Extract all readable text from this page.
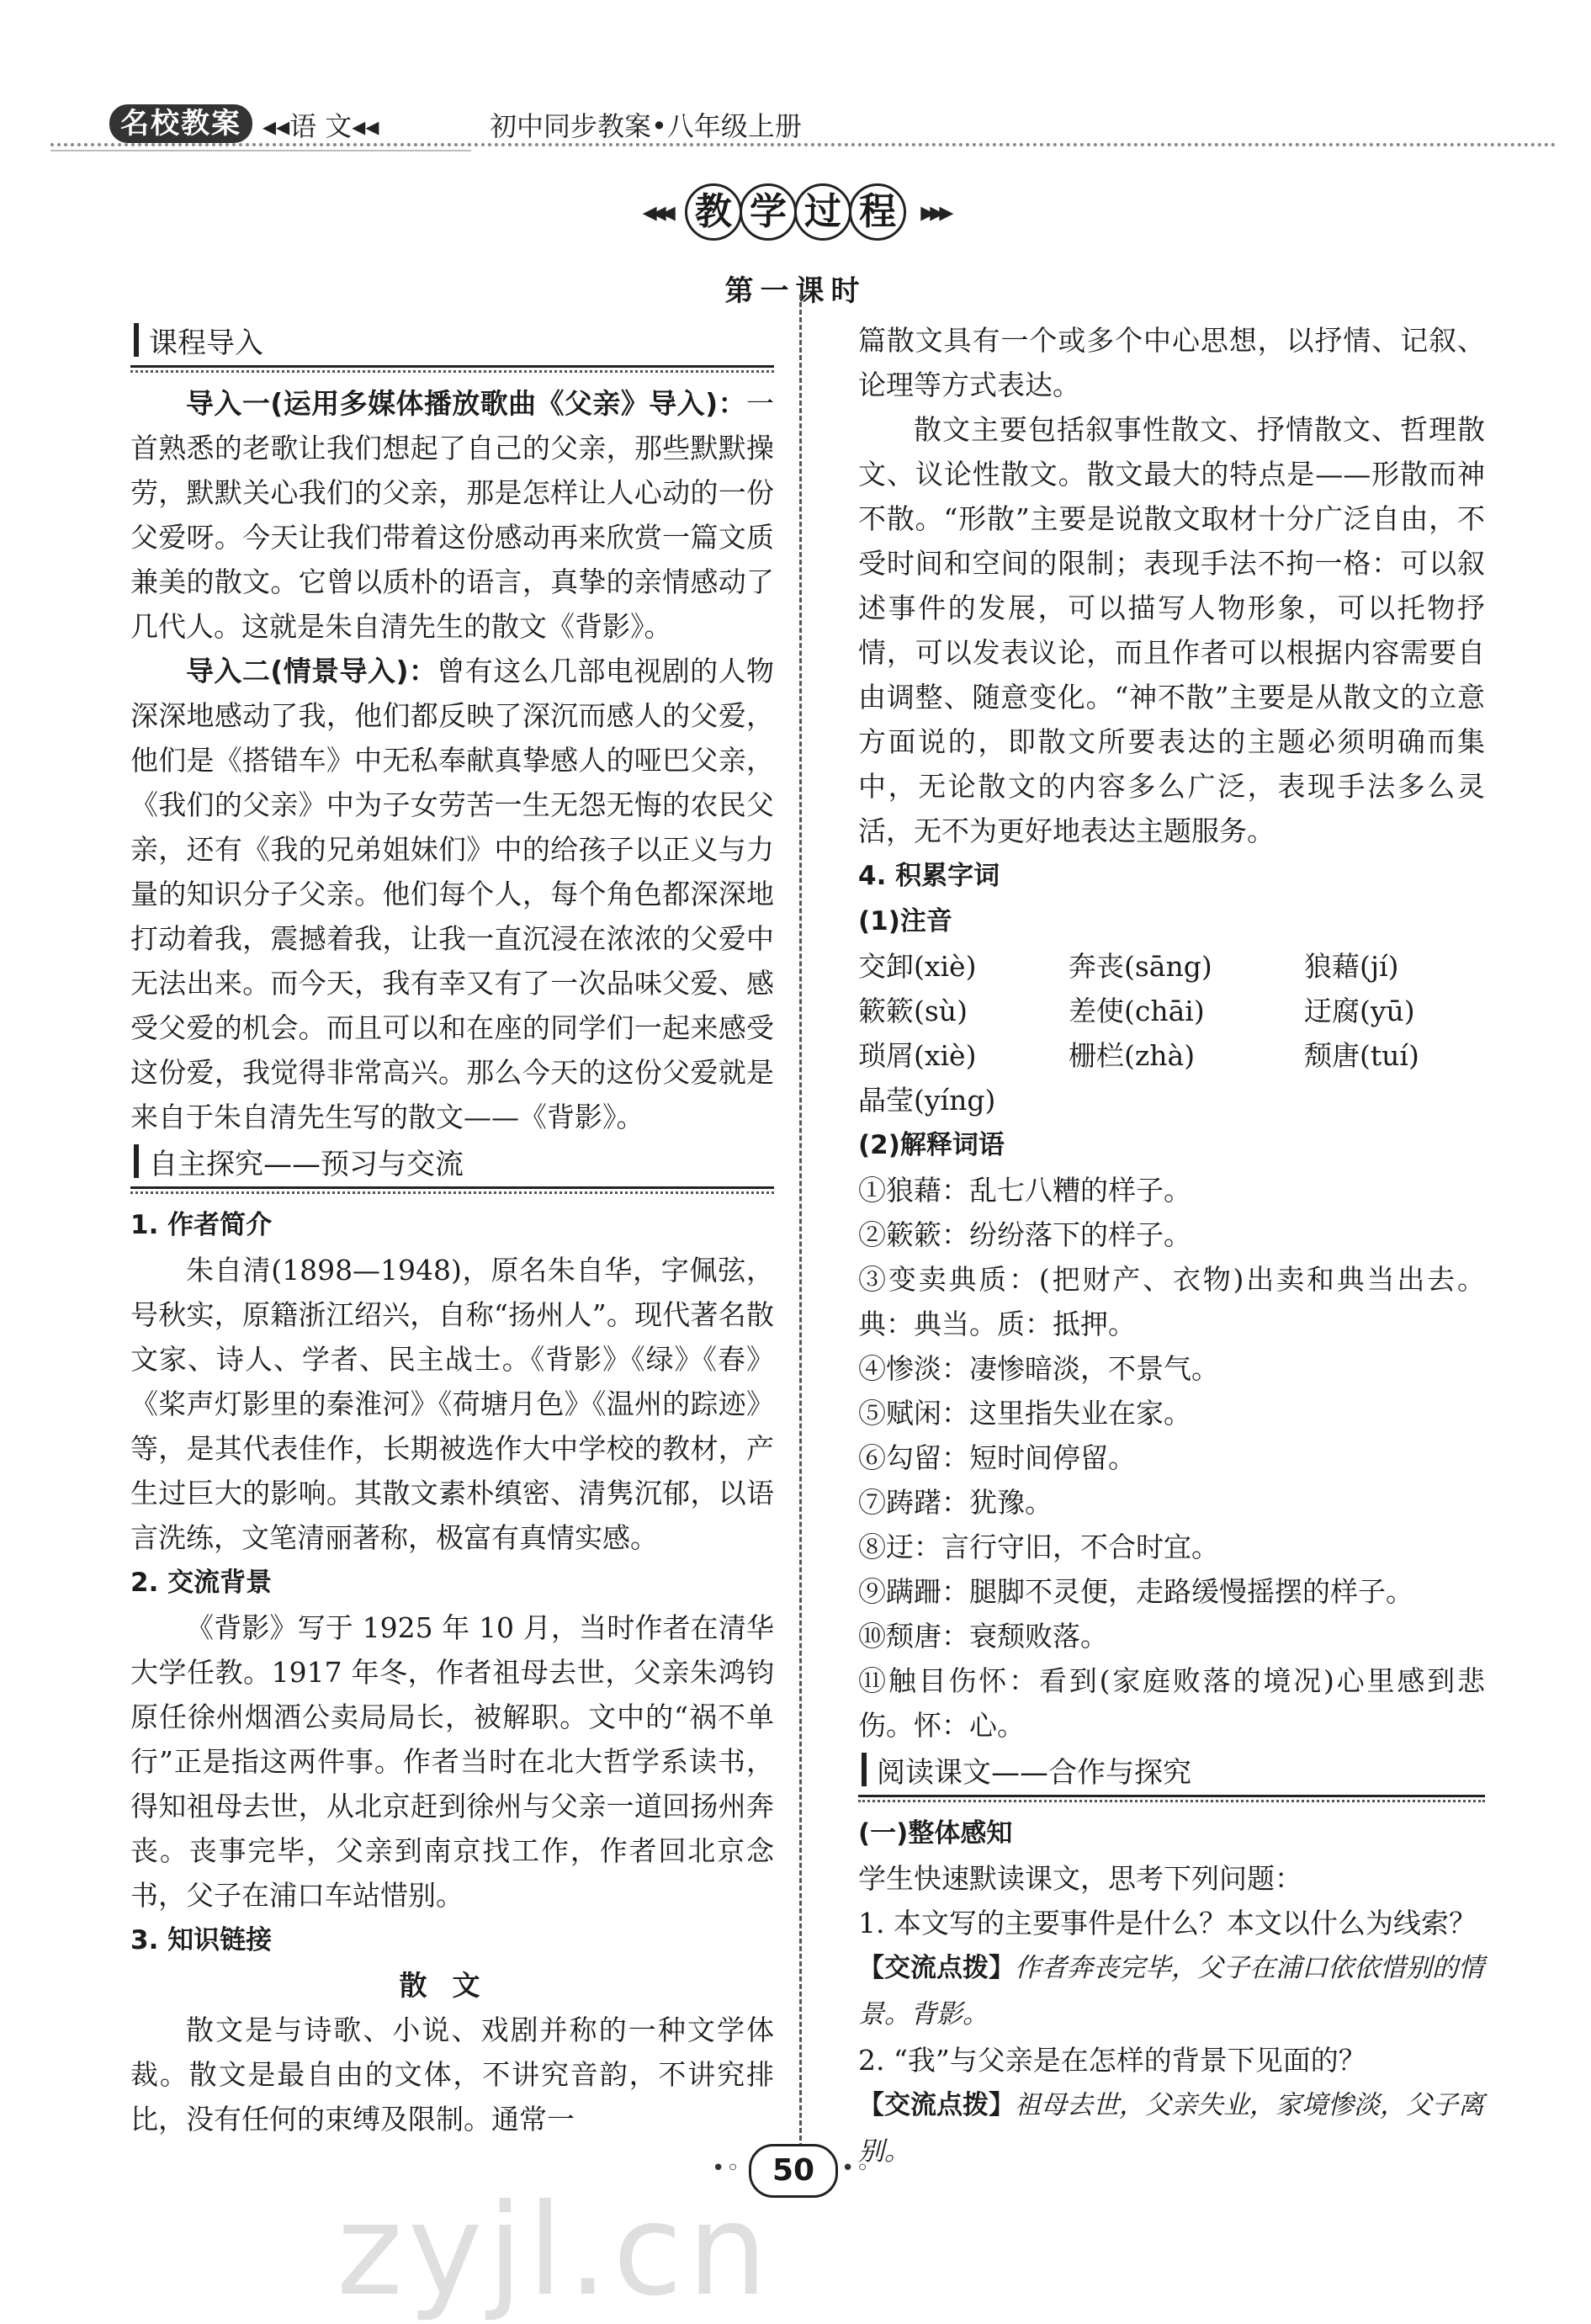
名校教案 ◂◂语 文◂◂	初中同步教案•八年级上册
◂◂◂ 教 学 过 程 ▸▸▸
第一课时
课程导入

导入一(运用多媒体播放歌曲《父亲》导入)：一首熟悉的老歌让我们想起了自己的父亲，那些默默操劳，默默关心我们的父亲，那是怎样让人心动的一份父爱呀。今天让我们带着这份感动再来欣赏一篇文质兼美的散文。它曾以质朴的语言，真挚的亲情感动了几代人。这就是朱自清先生的散文《背影》。

导入二(情景导入)：曾有这么几部电视剧的人物深深地感动了我，他们都反映了深沉而感人的父爱，他们是《搭错车》中无私奉献真挚感人的哑巴父亲，《我们的父亲》中为子女劳苦一生无怨无悔的农民父亲，还有《我的兄弟姐妹们》中的给孩子以正义与力量的知识分子父亲。他们每个人，每个角色都深深地打动着我，震撼着我，让我一直沉浸在浓浓的父爱中无法出来。而今天，我有幸又有了一次品味父爱、感受父爱的机会。而且可以和在座的同学们一起来感受这份爱，我觉得非常高兴。那么今天的这份父爱就是来自于朱自清先生写的散文——《背影》。

自主探究——预习与交流

1. 作者简介

朱自清(1898—1948)，原名朱自华，字佩弦，号秋实，原籍浙江绍兴，自称“扬州人”。现代著名散文家、诗人、学者、民主战士。《背影》《绿》《春》《桨声灯影里的秦淮河》《荷塘月色》《温州的踪迹》等，是其代表佳作，长期被选作大中学校的教材，产生过巨大的影响。其散文素朴缜密、清隽沉郁，以语言洗练，文笔清丽著称，极富有真情实感。

2. 交流背景

《背影》写于 1925 年 10 月，当时作者在清华大学任教。1917 年冬，作者祖母去世，父亲朱鸿钧原任徐州烟酒公卖局局长，被解职。文中的“祸不单行”正是指这两件事。作者当时在北大哲学系读书，得知祖母去世，从北京赶到徐州与父亲一道回扬州奔丧。丧事完毕，父亲到南京找工作，作者回北京念书，父子在浦口车站惜别。

3. 知识链接

散文

散文是与诗歌、小说、戏剧并称的一种文学体裁。散文是最自由的文体，不讲究音韵，不讲究排比，没有任何的束缚及限制。通常一

篇散文具有一个或多个中心思想，以抒情、记叙、论理等方式表达。

散文主要包括叙事性散文、抒情散文、哲理散文、议论性散文。散文最大的特点是——形散而神不散。“形散”主要是说散文取材十分广泛自由，不受时间和空间的限制；表现手法不拘一格：可以叙述事件的发展，可以描写人物形象，可以托物抒情，可以发表议论，而且作者可以根据内容需要自由调整、随意变化。“神不散”主要是从散文的立意方面说的，即散文所要表达的主题必须明确而集中，无论散文的内容多么广泛，表现手法多么灵活，无不为更好地表达主题服务。

4. 积累字词

(1)注音

交卸(xiè)	奔丧(sāng)	狼藉(jí)
簌簌(sù)	差使(chāi)	迂腐(yū)
琐屑(xiè)	栅栏(zhà)	颓唐(tuí)
晶莹(yíng)

(2)解释词语

①狼藉：乱七八糟的样子。

②簌簌：纷纷落下的样子。

③变卖典质：(把财产、衣物)出卖和典当出去。典：典当。质：抵押。

④惨淡：凄惨暗淡，不景气。

⑤赋闲：这里指失业在家。

⑥勾留：短时间停留。

⑦踌躇：犹豫。

⑧迂：言行守旧，不合时宜。

⑨蹒跚：腿脚不灵便，走路缓慢摇摆的样子。

⑩颓唐：衰颓败落。

⑪触目伤怀：看到(家庭败落的境况)心里感到悲伤。怀：心。

阅读课文——合作与探究

(一)整体感知

学生快速默读课文，思考下列问题：

1. 本文写的主要事件是什么？本文以什么为线索？

【交流点拨】作者奔丧完毕，父子在浦口依依惜别的情景。背影。

2. “我”与父亲是在怎样的背景下见面的？

【交流点拨】祖母去世，父亲失业，家境惨淡，父子离别。

•◦	50	•◦
zyjl.cn
